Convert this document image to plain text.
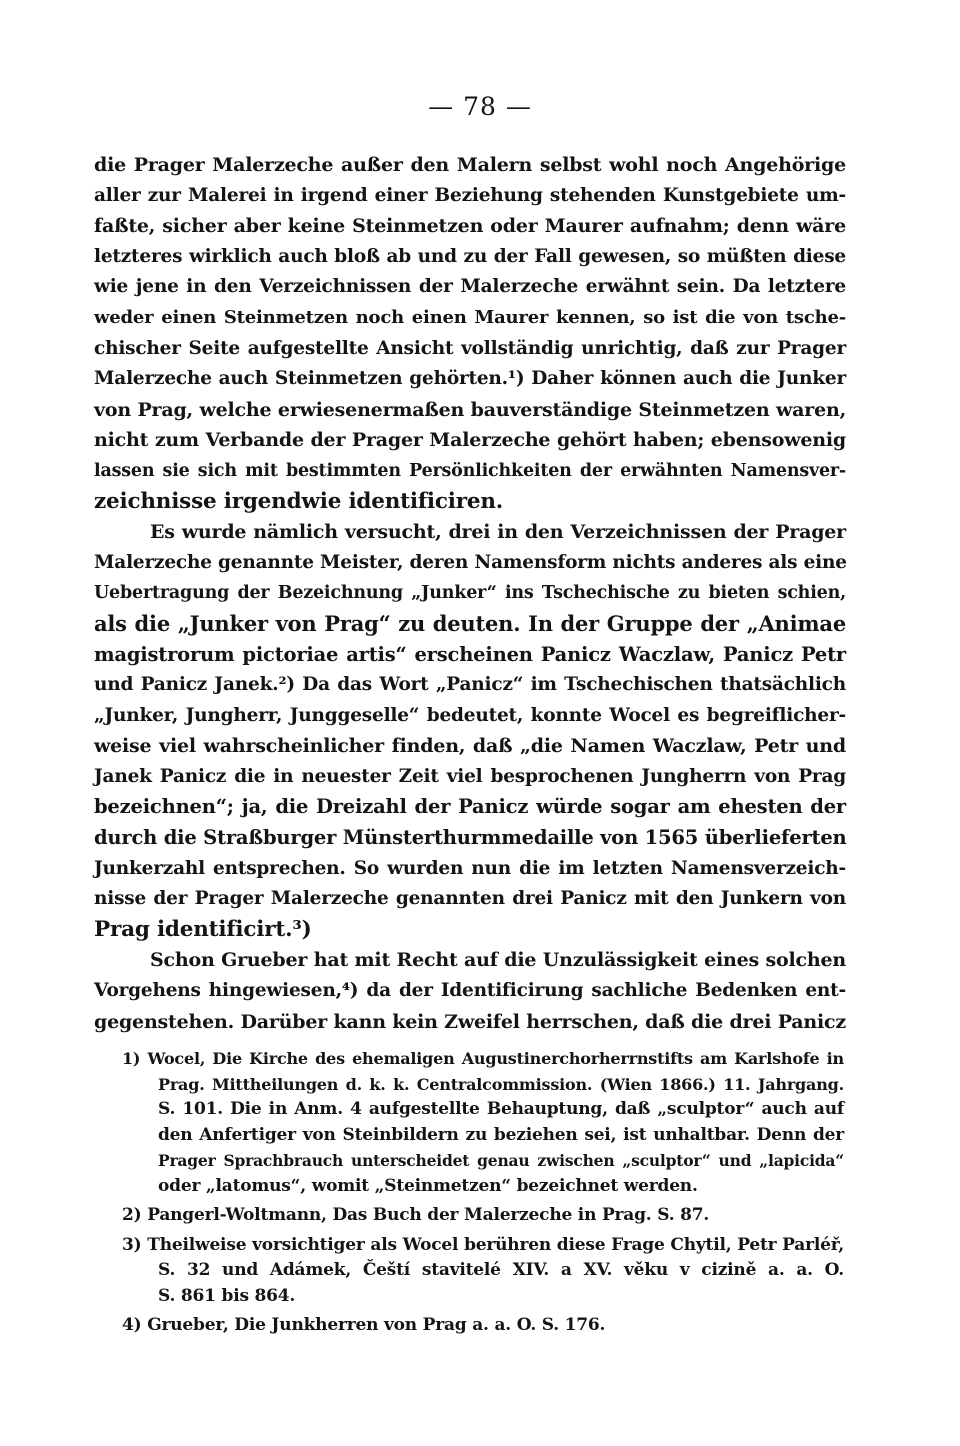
— 78 —
die Prager Malerzeche außer den Malern selbst wohl noch Angehörige
aller zur Malerei in irgend einer Beziehung stehenden Kunstgebiete um-
faßte, sicher aber keine Steinmetzen oder Maurer aufnahm; denn wäre
letzteres wirklich auch bloß ab und zu der Fall gewesen, so müßten diese
wie jene in den Verzeichnissen der Malerzeche erwähnt sein. Da letztere
weder einen Steinmetzen noch einen Maurer kennen, so ist die von tsche-
chischer Seite aufgestellte Ansicht vollständig unrichtig, daß zur Prager
Malerzeche auch Steinmetzen gehörten.¹) Daher können auch die Junker
von Prag, welche erwiesenermaßen bauverständige Steinmetzen waren,
nicht zum Verbande der Prager Malerzeche gehört haben; ebensowenig
lassen sie sich mit bestimmten Persönlichkeiten der erwähnten Namensver-
zeichnisse irgendwie identificiren.
Es wurde nämlich versucht, drei in den Verzeichnissen der Prager
Malerzeche genannte Meister, deren Namensform nichts anderes als eine
Uebertragung der Bezeichnung „Junker“ ins Tschechische zu bieten schien,
als die „Junker von Prag“ zu deuten. In der Gruppe der „Animae
magistrorum pictoriae artis“ erscheinen Panicz Waczlaw, Panicz Petr
und Panicz Janek.²) Da das Wort „Panicz“ im Tschechischen thatsächlich
„Junker, Jungherr, Junggeselle“ bedeutet, konnte Wocel es begreiflicher-
weise viel wahrscheinlicher finden, daß „die Namen Waczlaw, Petr und
Janek Panicz die in neuester Zeit viel besprochenen Jungherrn von Prag
bezeichnen“; ja, die Dreizahl der Panicz würde sogar am ehesten der
durch die Straßburger Münsterthurmmedaille von 1565 überlieferten
Junkerzahl entsprechen. So wurden nun die im letzten Namensverzeich-
nisse der Prager Malerzeche genannten drei Panicz mit den Junkern von
Prag identificirt.³)
Schon Grueber hat mit Recht auf die Unzulässigkeit eines solchen
Vorgehens hingewiesen,⁴) da der Identificirung sachliche Bedenken ent-
gegenstehen. Darüber kann kein Zweifel herrschen, daß die drei Panicz
1) Wocel, Die Kirche des ehemaligen Augustinerchorherrnstifts am Karlshofe in
Prag. Mittheilungen d. k. k. Centralcommission. (Wien 1866.) 11. Jahrgang.
S. 101. Die in Anm. 4 aufgestellte Behauptung, daß „sculptor“ auch auf
den Anfertiger von Steinbildern zu beziehen sei, ist unhaltbar. Denn der
Prager Sprachbrauch unterscheidet genau zwischen „sculptor“ und „lapicida“
oder „latomus“, womit „Steinmetzen“ bezeichnet werden.
2) Pangerl-Woltmann, Das Buch der Malerzeche in Prag. S. 87.
3) Theilweise vorsichtiger als Wocel berühren diese Frage Chytil, Petr Parléř,
S. 32 und Adámek, Čeští stavitelé XIV. a XV. věku v cizině a. a. O.
S. 861 bis 864.
4) Grueber, Die Junkherren von Prag a. a. O. S. 176.
